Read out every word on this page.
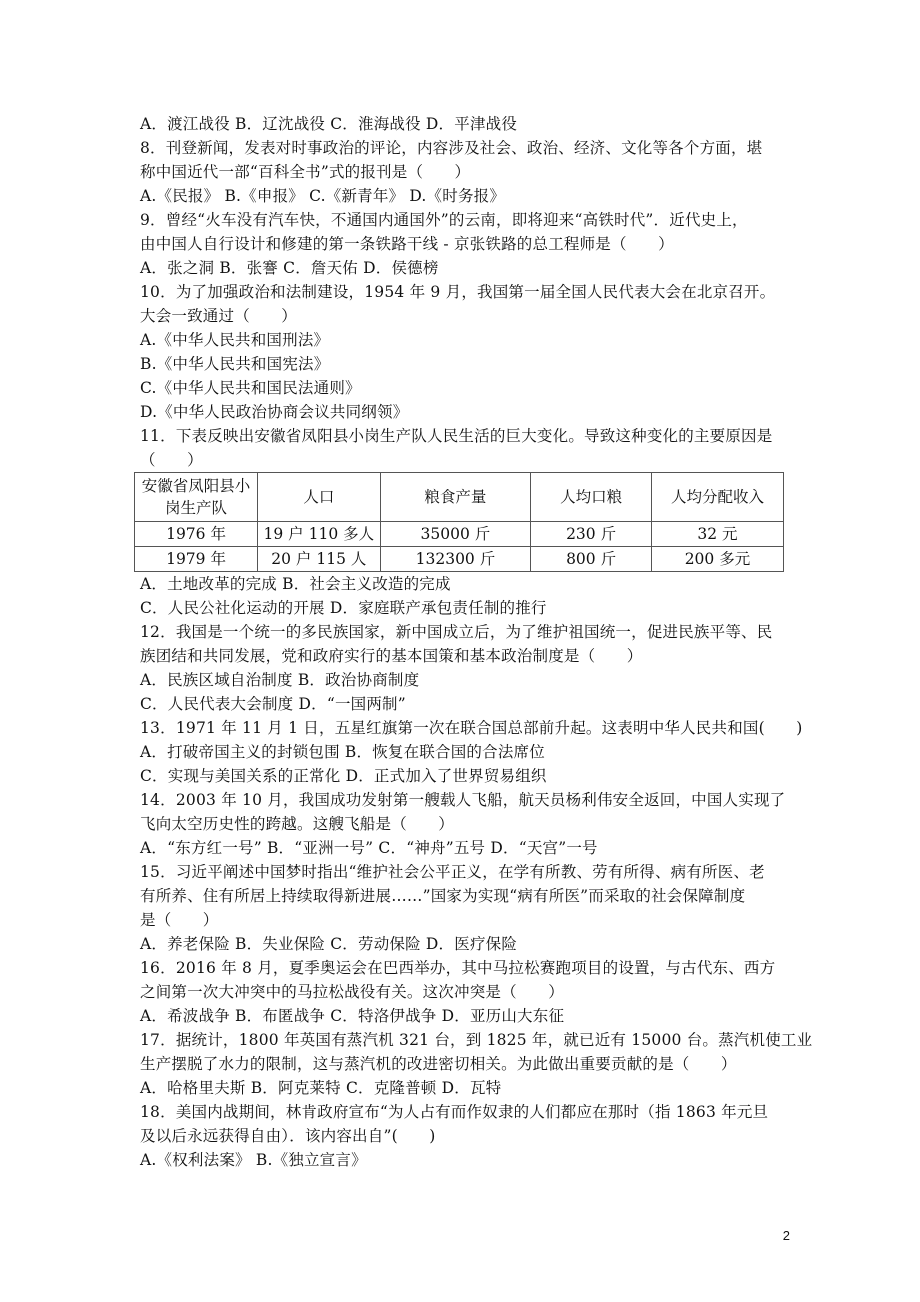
A．渡江战役 B．辽沈战役 C．淮海战役 D．平津战役
8．刊登新闻，发表对时事政治的评论，内容涉及社会、政治、经济、文化等各个方面，堪
称中国近代一部“百科全书”式的报刊是（　　）
A.《民报》 B.《申报》 C.《新青年》 D.《时务报》
9．曾经“火车没有汽车快，不通国内通国外”的云南，即将迎来“高铁时代”．近代史上，
由中国人自行设计和修建的第一条铁路干线 - 京张铁路的总工程师是（　　）
A．张之洞 B．张謇 C．詹天佑 D．侯德榜
10．为了加强政治和法制建设，1954 年 9 月，我国第一届全国人民代表大会在北京召开。
大会一致通过（　　）
A.《中华人民共和国刑法》
B.《中华人民共和国宪法》
C.《中华人民共和国民法通则》
D.《中华人民政治协商会议共同纲领》
11．下表反映出安徽省凤阳县小岗生产队人民生活的巨大变化。导致这种变化的主要原因是
（　　）
安徽省凤阳县小岗生产队	人口	粮食产量	人均口粮	人均分配收入
1976 年	19 户 110 多人	35000 斤	230 斤	32 元
1979 年	20 户 115 人	132300 斤	800 斤	200 多元
A．土地改革的完成 B．社会主义改造的完成
C．人民公社化运动的开展 D．家庭联产承包责任制的推行
12．我国是一个统一的多民族国家，新中国成立后，为了维护祖国统一，促进民族平等、民
族团结和共同发展，党和政府实行的基本国策和基本政治制度是（　　）
A．民族区域自治制度 B．政治协商制度
C．人民代表大会制度 D．“一国两制”
13．1971 年 11 月 1 日，五星红旗第一次在联合国总部前升起。这表明中华人民共和国(　　)
A．打破帝国主义的封锁包围 B．恢复在联合国的合法席位
C．实现与美国关系的正常化 D．正式加入了世界贸易组织
14．2003 年 10 月，我国成功发射第一艘载人飞船，航天员杨利伟安全返回，中国人实现了
飞向太空历史性的跨越。这艘飞船是（　　）
A．“东方红一号” B．“亚洲一号” C．“神舟”五号 D．“天宫”一号
15．习近平阐述中国梦时指出“维护社会公平正义，在学有所教、劳有所得、病有所医、老
有所养、住有所居上持续取得新进展……”国家为实现“病有所医”而采取的社会保障制度
是（　　）
A．养老保险 B．失业保险 C．劳动保险 D．医疗保险
16．2016 年 8 月，夏季奥运会在巴西举办，其中马拉松赛跑项目的设置，与古代东、西方
之间第一次大冲突中的马拉松战役有关。这次冲突是（　　）
A．希波战争 B．布匿战争 C．特洛伊战争 D．亚历山大东征
17．据统计，1800 年英国有蒸汽机 321 台，到 1825 年，就已近有 15000 台。蒸汽机使工业
生产摆脱了水力的限制，这与蒸汽机的改进密切相关。为此做出重要贡献的是（　　）
A．哈格里夫斯 B．阿克莱特 C．克隆普顿 D．瓦特
18．美国内战期间，林肯政府宣布“为人占有而作奴隶的人们都应在那时（指 1863 年元旦
及以后永远获得自由）．该内容出自”(　　)
A.《权利法案》 B.《独立宣言》
2
